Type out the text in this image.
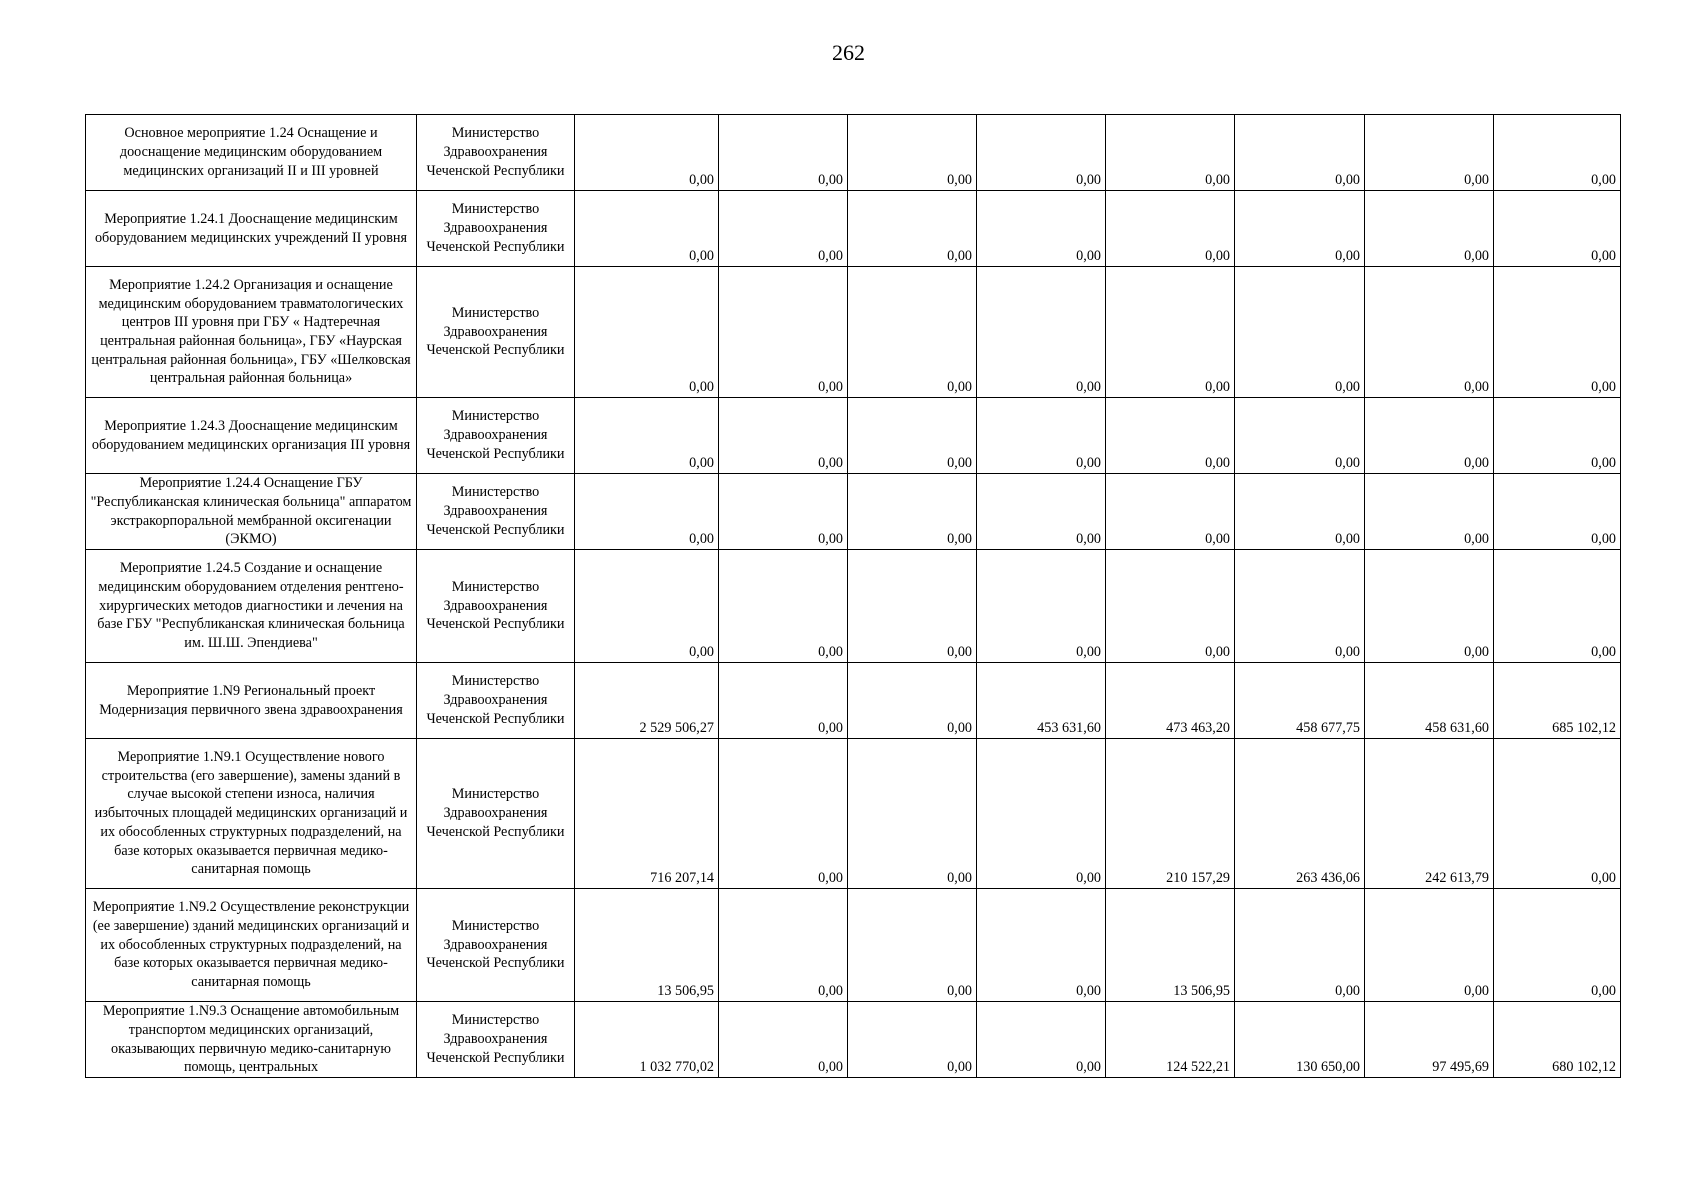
262
Основное мероприятие 1.24 Оснащение и дооснащение медицинским оборудованием медицинских организаций II и III уровней	Министерство Здравоохранения Чеченской Республики	0,00	0,00	0,00	0,00	0,00	0,00	0,00	0,00
Мероприятие 1.24.1 Дооснащение медицинским оборудованием медицинских учреждений II уровня	Министерство Здравоохранения Чеченской Республики	0,00	0,00	0,00	0,00	0,00	0,00	0,00	0,00
Мероприятие 1.24.2 Организация и оснащение медицинским оборудованием травматологических центров III уровня при ГБУ « Надтеречная центральная районная больница», ГБУ «Наурская центральная районная больница», ГБУ «Шелковская центральная районная больница»	Министерство Здравоохранения Чеченской Республики	0,00	0,00	0,00	0,00	0,00	0,00	0,00	0,00
Мероприятие 1.24.3 Дооснащение медицинским оборудованием медицинских организация III уровня	Министерство Здравоохранения Чеченской Республики	0,00	0,00	0,00	0,00	0,00	0,00	0,00	0,00
Мероприятие 1.24.4 Оснащение ГБУ "Республиканская клиническая больница" аппаратом экстракорпоральной мембранной оксигенации (ЭКМО)	Министерство Здравоохранения Чеченской Республики	0,00	0,00	0,00	0,00	0,00	0,00	0,00	0,00
Мероприятие 1.24.5 Создание и оснащение медицинским оборудованием отделения рентгено-хирургических методов диагностики и лечения на базе ГБУ "Республиканская клиническая больница им. Ш.Ш. Эпендиева"	Министерство Здравоохранения Чеченской Республики	0,00	0,00	0,00	0,00	0,00	0,00	0,00	0,00
Мероприятие 1.N9 Региональный проект Модернизация первичного звена здравоохранения	Министерство Здравоохранения Чеченской Республики	2 529 506,27	0,00	0,00	453 631,60	473 463,20	458 677,75	458 631,60	685 102,12
Мероприятие 1.N9.1 Осуществление нового строительства (его завершение), замены зданий в случае высокой степени износа, наличия избыточных площадей медицинских организаций и их обособленных структурных подразделений, на базе которых оказывается первичная медико-санитарная помощь	Министерство Здравоохранения Чеченской Республики	716 207,14	0,00	0,00	0,00	210 157,29	263 436,06	242 613,79	0,00
Мероприятие 1.N9.2 Осуществление реконструкции (ее завершение) зданий медицинских организаций и их обособленных структурных подразделений, на базе которых оказывается первичная медико- санитарная помощь	Министерство Здравоохранения Чеченской Республики	13 506,95	0,00	0,00	0,00	13 506,95	0,00	0,00	0,00
Мероприятие 1.N9.3 Оснащение автомобильным транспортом медицинских организаций, оказывающих первичную медико-санитарную помощь, центральных	Министерство Здравоохранения Чеченской Республики	1 032 770,02	0,00	0,00	0,00	124 522,21	130 650,00	97 495,69	680 102,12
